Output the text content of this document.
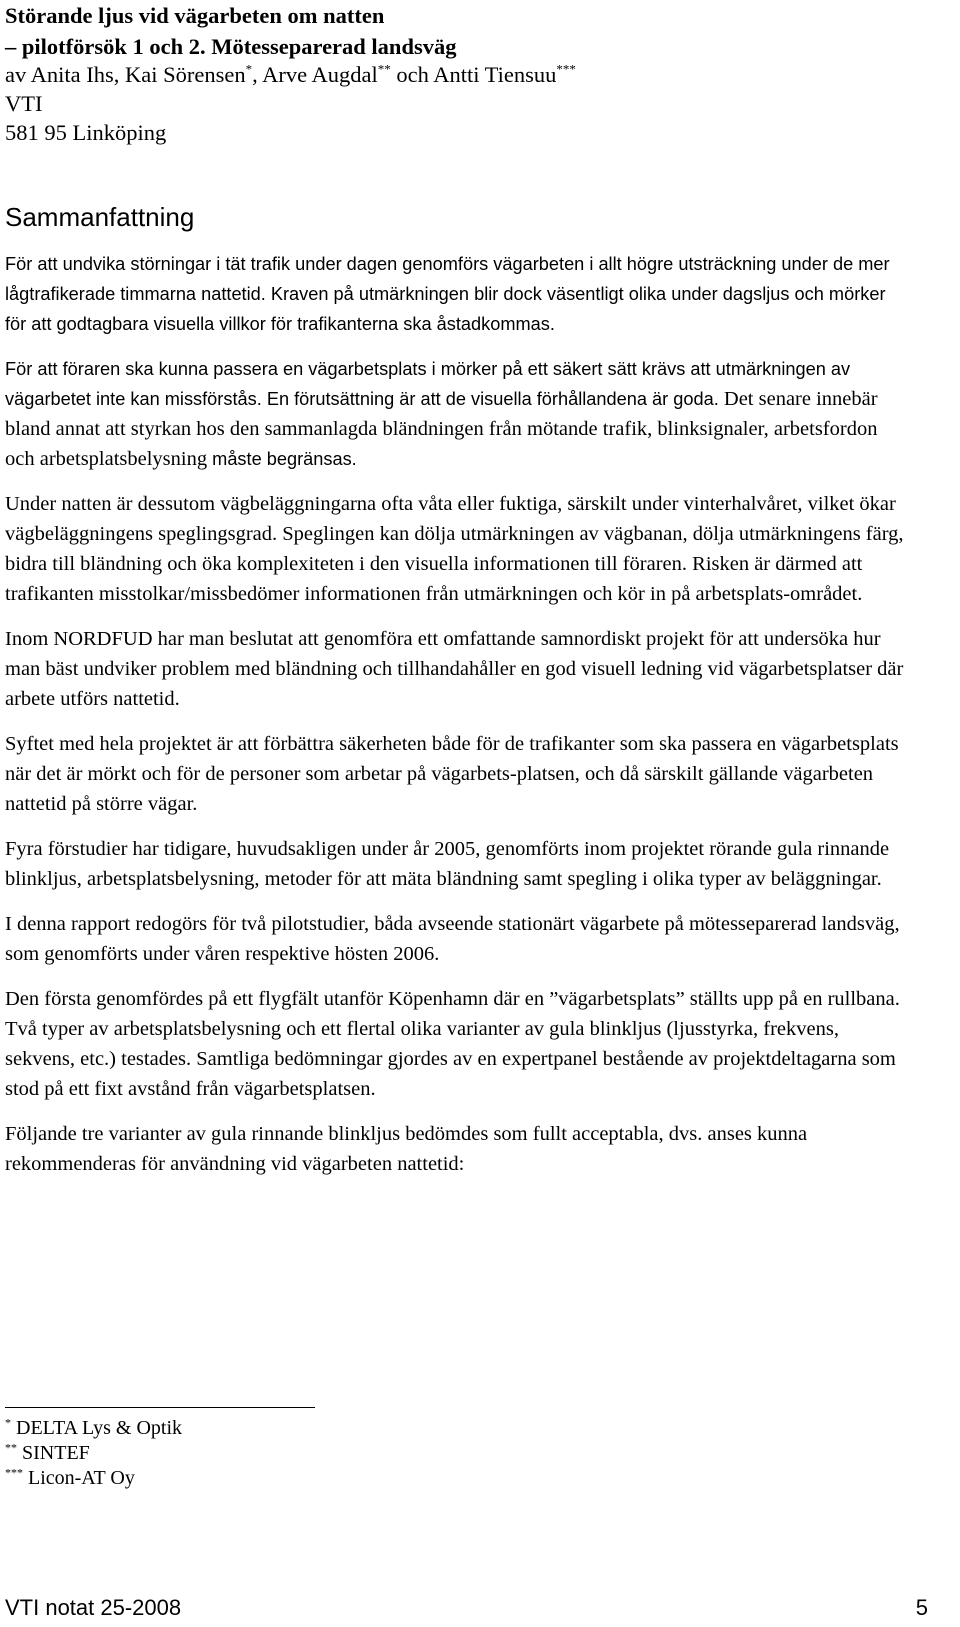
Störande ljus vid vägarbeten om natten
– pilotförsök 1 och 2. Mötesseparerad landsväg
av Anita Ihs, Kai Sörensen*, Arve Augdal** och Antti Tiensuu***
VTI
581 95 Linköping
Sammanfattning

För att undvika störningar i tät trafik under dagen genomförs vägarbeten i allt högre utsträckning under de mer lågtrafikerade timmarna nattetid. Kraven på utmärkningen blir dock väsentligt olika under dagsljus och mörker för att godtagbara visuella villkor för trafikanterna ska åstadkommas.

För att föraren ska kunna passera en vägarbetsplats i mörker på ett säkert sätt krävs att utmärkningen av vägarbetet inte kan missförstås. En förutsättning är att de visuella förhållandena är goda. Det senare innebär bland annat att styrkan hos den sammanlagda bländningen från mötande trafik, blinksignaler, arbetsfordon och arbetsplatsbelysning måste begränsas.

Under natten är dessutom vägbeläggningarna ofta våta eller fuktiga, särskilt under vinterhalvåret, vilket ökar vägbeläggningens speglingsgrad. Speglingen kan dölja utmärkningen av vägbanan, dölja utmärkningens färg, bidra till bländning och öka komplexiteten i den visuella informationen till föraren. Risken är därmed att trafikanten misstolkar/missbedömer informationen från utmärkningen och kör in på arbetsplats-området.

Inom NORDFUD har man beslutat att genomföra ett omfattande samnordiskt projekt för att undersöka hur man bäst undviker problem med bländning och tillhandahåller en god visuell ledning vid vägarbetsplatser där arbete utförs nattetid.

Syftet med hela projektet är att förbättra säkerheten både för de trafikanter som ska passera en vägarbetsplats när det är mörkt och för de personer som arbetar på vägarbets-platsen, och då särskilt gällande vägarbeten nattetid på större vägar.

Fyra förstudier har tidigare, huvudsakligen under år 2005, genomförts inom projektet rörande gula rinnande blinkljus, arbetsplatsbelysning, metoder för att mäta bländning samt spegling i olika typer av beläggningar.

I denna rapport redogörs för två pilotstudier, båda avseende stationärt vägarbete på mötesseparerad landsväg, som genomförts under våren respektive hösten 2006.

Den första genomfördes på ett flygfält utanför Köpenhamn där en ”vägarbetsplats” ställts upp på en rullbana. Två typer av arbetsplatsbelysning och ett flertal olika varianter av gula blinkljus (ljusstyrka, frekvens, sekvens, etc.) testades. Samtliga bedömningar gjordes av en expertpanel bestående av projektdeltagarna som stod på ett fixt avstånd från vägarbetsplatsen.

Följande tre varianter av gula rinnande blinkljus bedömdes som fullt acceptabla, dvs. anses kunna rekommenderas för användning vid vägarbeten nattetid:

* DELTA Lys & Optik
** SINTEF
*** Licon-AT Oy
VTI notat 25-2008	5
